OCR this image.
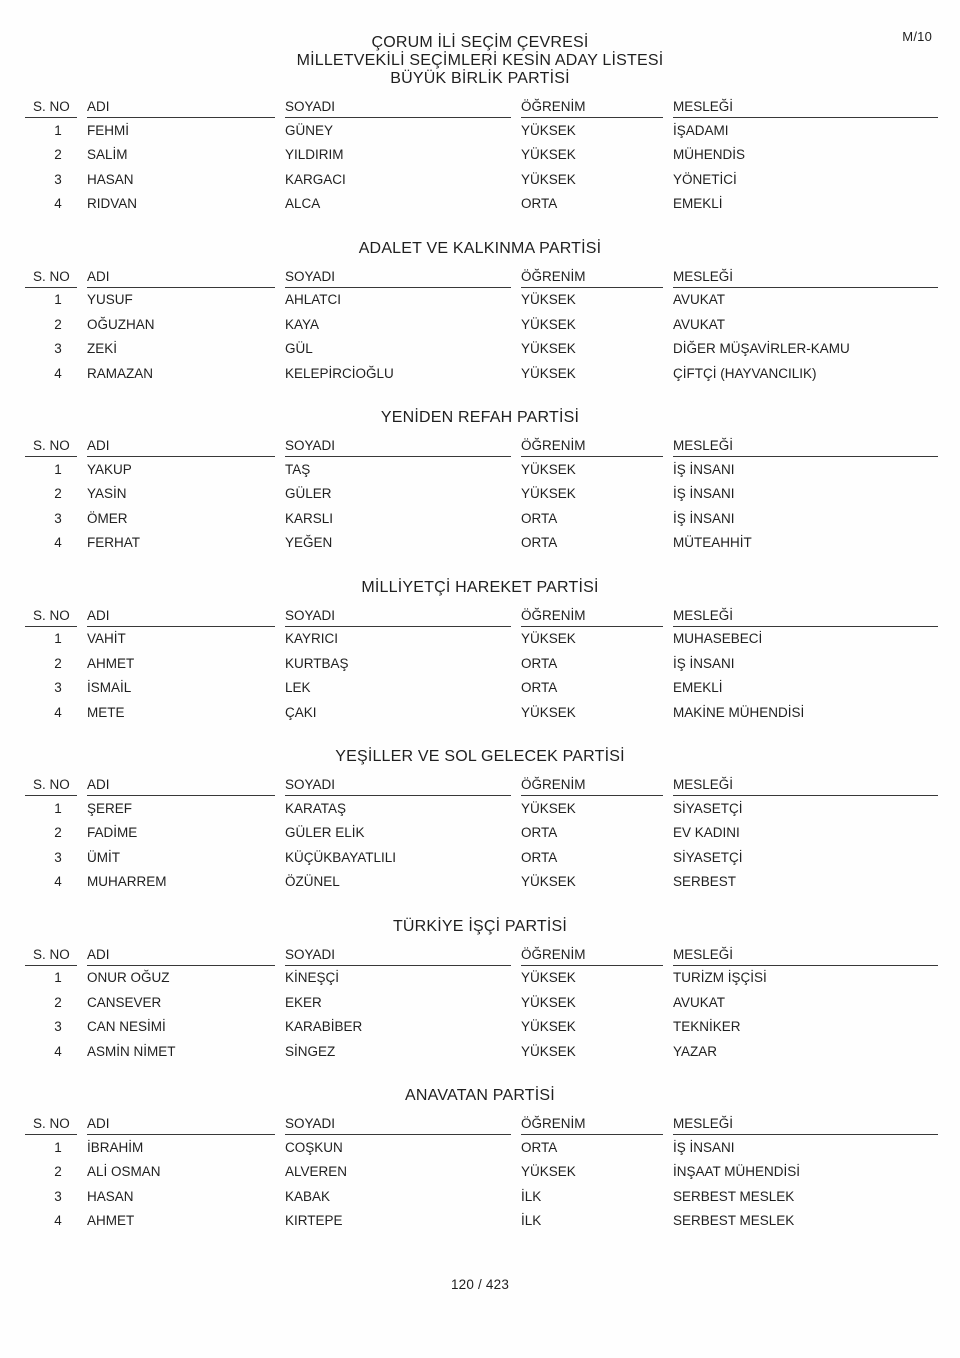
M/10
ÇORUM İLİ SEÇİM ÇEVRESİ
MİLLETVEKİLİ SEÇİMLERİ KESİN ADAY LİSTESİ
BÜYÜK BİRLİK PARTİSİ
S. NO	ADI	SOYADI	ÖĞRENİM	MESLEĞİ
1	FEHMİ	GÜNEY	YÜKSEK	İŞADAMI
2	SALİM	YILDIRIM	YÜKSEK	MÜHENDİS
3	HASAN	KARGACI	YÜKSEK	YÖNETİCİ
4	RIDVAN	ALCA	ORTA	EMEKLİ
ADALET VE KALKINMA PARTİSİ
S. NO	ADI	SOYADI	ÖĞRENİM	MESLEĞİ
1	YUSUF	AHLATCI	YÜKSEK	AVUKAT
2	OĞUZHAN	KAYA	YÜKSEK	AVUKAT
3	ZEKİ	GÜL	YÜKSEK	DİĞER MÜŞAVİRLER-KAMU
4	RAMAZAN	KELEPİRCİOĞLU	YÜKSEK	ÇİFTÇİ (HAYVANCILIK)
YENİDEN REFAH PARTİSİ
S. NO	ADI	SOYADI	ÖĞRENİM	MESLEĞİ
1	YAKUP	TAŞ	YÜKSEK	İŞ İNSANI
2	YASİN	GÜLER	YÜKSEK	İŞ İNSANI
3	ÖMER	KARSLI	ORTA	İŞ İNSANI
4	FERHAT	YEĞEN	ORTA	MÜTEAHHİT
MİLLİYETÇİ HAREKET PARTİSİ
S. NO	ADI	SOYADI	ÖĞRENİM	MESLEĞİ
1	VAHİT	KAYRICI	YÜKSEK	MUHASEBECİ
2	AHMET	KURTBAŞ	ORTA	İŞ İNSANI
3	İSMAİL	LEK	ORTA	EMEKLİ
4	METE	ÇAKI	YÜKSEK	MAKİNE MÜHENDİSİ
YEŞİLLER VE SOL GELECEK PARTİSİ
S. NO	ADI	SOYADI	ÖĞRENİM	MESLEĞİ
1	ŞEREF	KARATAŞ	YÜKSEK	SİYASETÇİ
2	FADİME	GÜLER ELİK	ORTA	EV KADINI
3	ÜMİT	KÜÇÜKBAYATLILI	ORTA	SİYASETÇİ
4	MUHARREM	ÖZÜNEL	YÜKSEK	SERBEST
TÜRKİYE İŞÇİ PARTİSİ
S. NO	ADI	SOYADI	ÖĞRENİM	MESLEĞİ
1	ONUR OĞUZ	KİNEŞÇİ	YÜKSEK	TURİZM İŞÇİSİ
2	CANSEVER	EKER	YÜKSEK	AVUKAT
3	CAN NESİMİ	KARABİBER	YÜKSEK	TEKNİKER
4	ASMİN NİMET	SİNGEZ	YÜKSEK	YAZAR
ANAVATAN PARTİSİ
S. NO	ADI	SOYADI	ÖĞRENİM	MESLEĞİ
1	İBRAHİM	COŞKUN	ORTA	İŞ İNSANI
2	ALİ OSMAN	ALVEREN	YÜKSEK	İNŞAAT MÜHENDİSİ
3	HASAN	KABAK	İLK	SERBEST MESLEK
4	AHMET	KIRTEPE	İLK	SERBEST MESLEK
120 / 423
